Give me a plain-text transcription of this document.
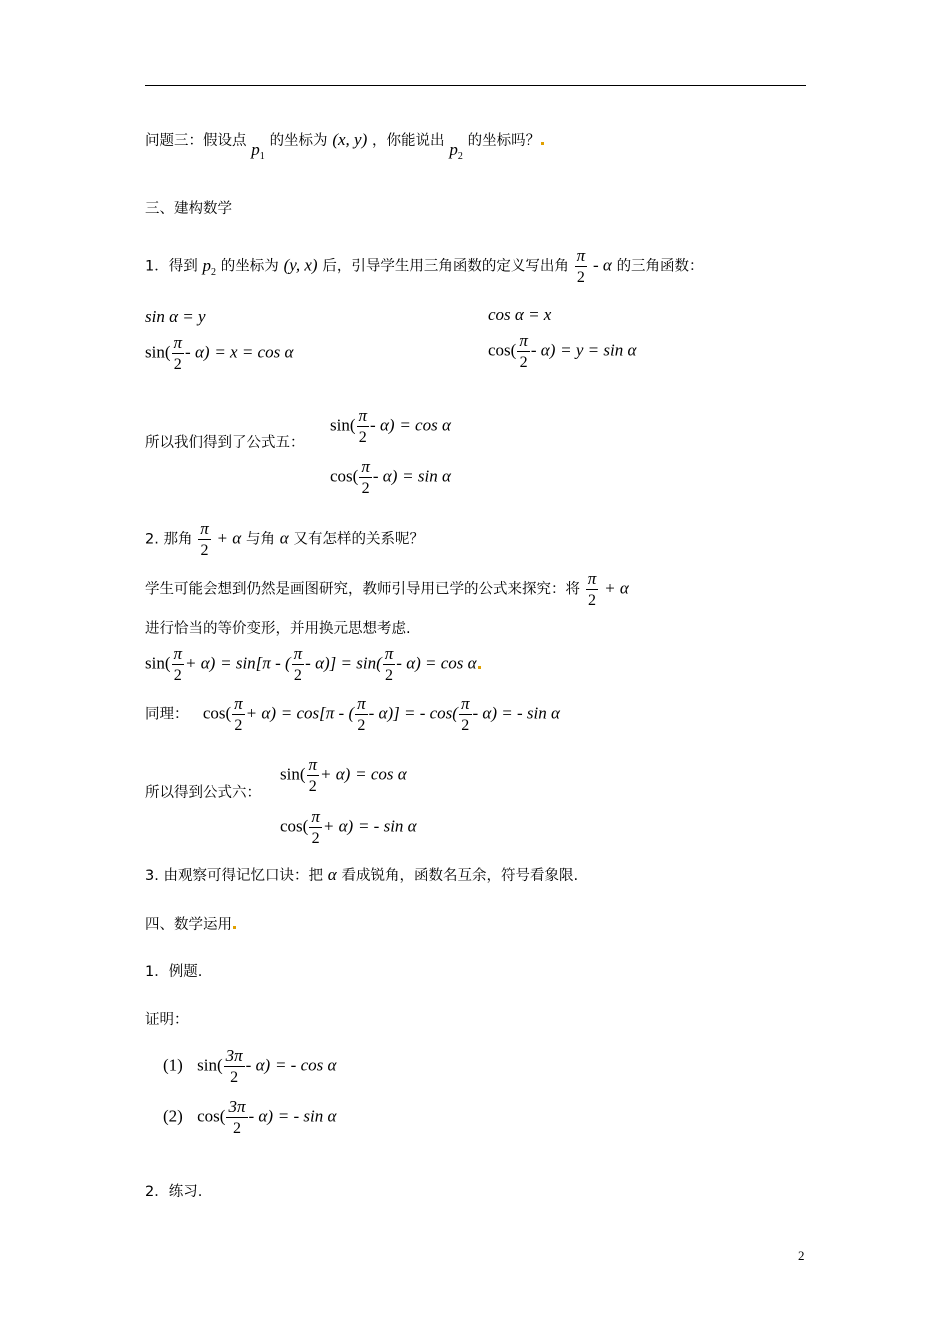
问题三：假设点 $p_1$ 的坐标为 (x, y) ，你能说出 $p_2$ 的坐标吗？
三、建构数学
1．得到 $p_2$ 的坐标为 (y, x) 后，引导学生用三角函数的定义写出角 $\frac{\pi}{2}$ - α 的三角函数：
sin α = y	cos α = x
$\sin( \frac{\pi}{2} - \alpha) = x = \cos \alpha$	$\cos( \frac{\pi}{2} - \alpha) = y = \sin \alpha$
所以我们得到了公式五：
$\sin( \frac{\pi}{2} - \alpha) = \cos \alpha$
$\cos( \frac{\pi}{2} - \alpha) = \sin \alpha$
2. 那角 $\frac{\pi}{2} + \alpha$ 与角 α 又有怎样的关系呢？
学生可能会想到仍然是画图研究，教师引导用已学的公式来探究：将 $\frac{\pi}{2} + \alpha$
进行恰当的等价变形，并用换元思想考虑.
$\sin( \frac{\pi}{2} + \alpha) = \sin[\pi$ - ( $\frac{\pi}{2} - \alpha)] = \sin( \frac{\pi}{2} - \alpha) = \cos \alpha$
同理： $\cos( \frac{\pi}{2} + \alpha) = \cos[\pi$ - ( $\frac{\pi}{2} - \alpha$)] = - $\cos( \frac{\pi}{2} - \alpha)$ = - sin α
所以得到公式六：
$\sin( \frac{\pi}{2} + \alpha) = \cos \alpha$
$\cos( \frac{\pi}{2} + \alpha)$ = - sin α
3. 由观察可得记忆口诀：把 α 看成锐角，函数名互余，符号看象限.
四、数学运用
1．例题.
证明：
(1) $\sin( \frac{3\pi}{2} - \alpha)$ = - cos α
(2) $\cos( \frac{3\pi}{2} - \alpha)$ = - sin α
2．练习.
2
